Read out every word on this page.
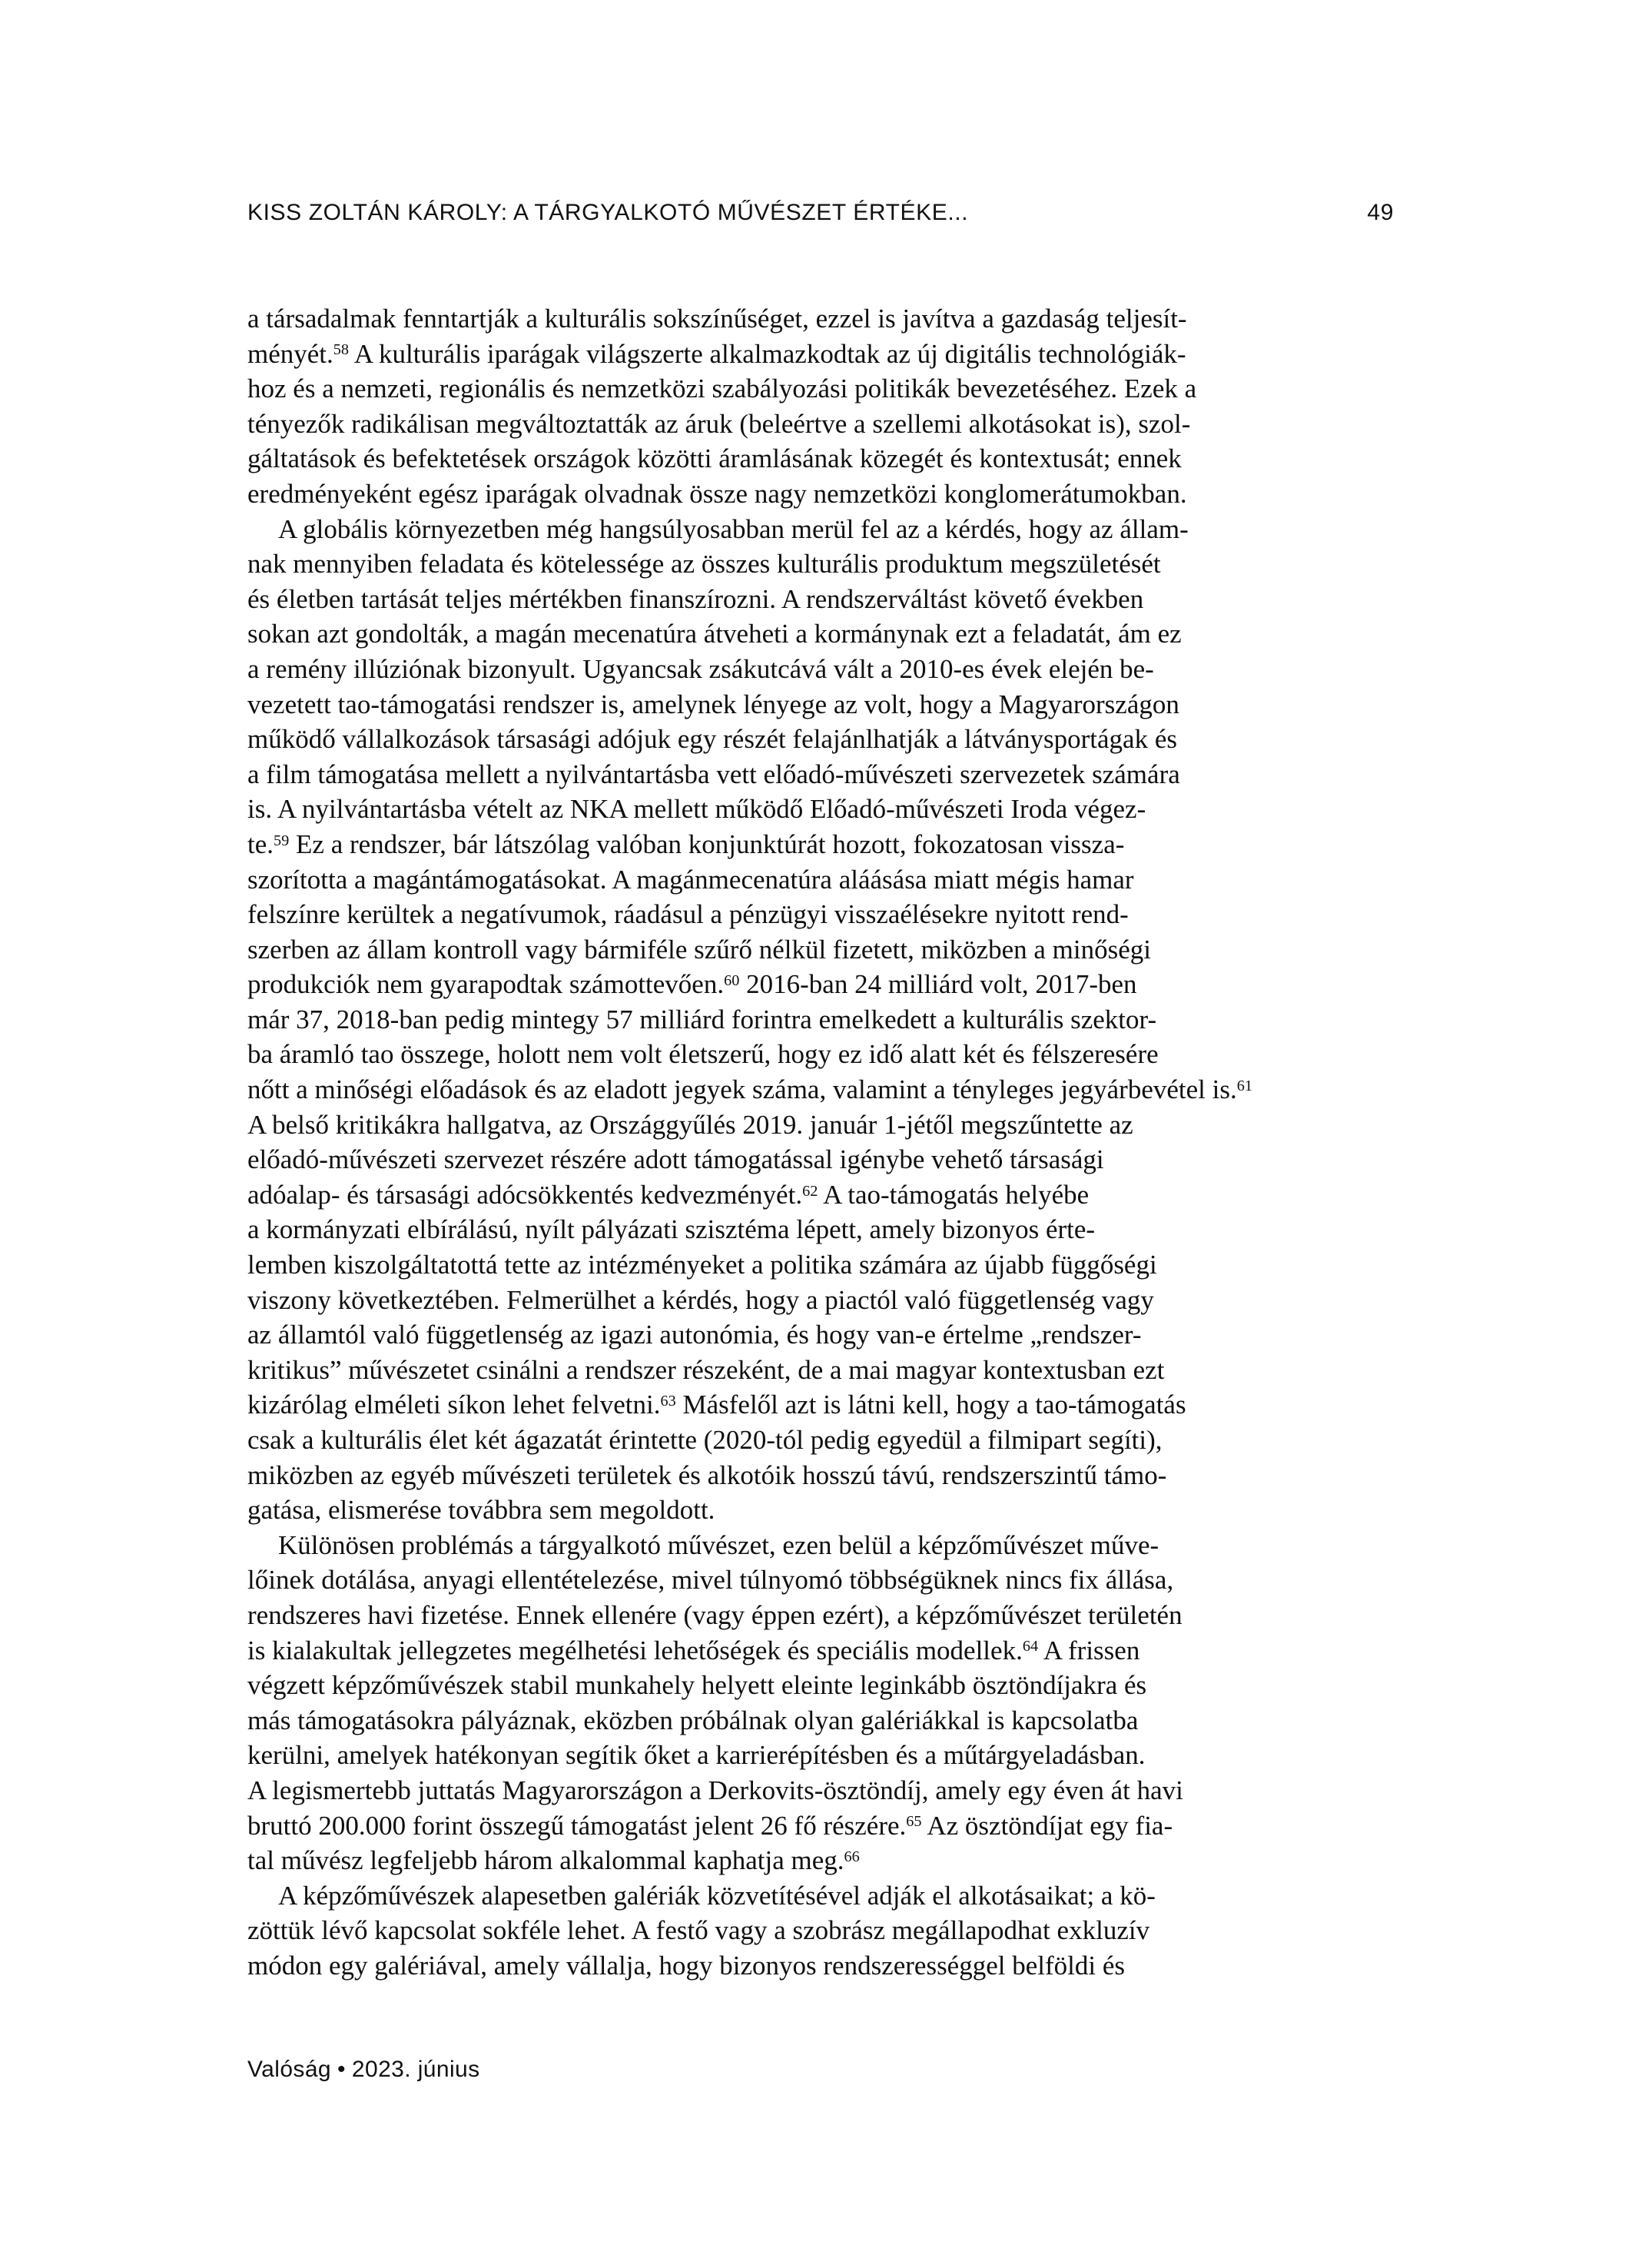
KISS ZOLTÁN KÁROLY: A TÁRGYALKOTÓ MŰVÉSZET ÉRTÉKE...	49
a társadalmak fenntartják a kulturális sokszínűséget, ezzel is javítva a gazdaság teljesít-
ményét.$^{58}$ A kulturális iparágak világszerte alkalmazkodtak az új digitális technológiák-
hoz és a nemzeti, regionális és nemzetközi szabályozási politikák bevezetéséhez. Ezek a
tényezők radikálisan megváltoztatták az áruk (beleértve a szellemi alkotásokat is), szol-
gáltatások és befektetések országok közötti áramlásának közegét és kontextusát; ennek
eredményeként egész iparágak olvadnak össze nagy nemzetközi konglomerátumokban.
A globális környezetben még hangsúlyosabban merül fel az a kérdés, hogy az állam-
nak mennyiben feladata és kötelessége az összes kulturális produktum megszületését
és életben tartását teljes mértékben finanszírozni. A rendszerváltást követő években
sokan azt gondolták, a magán mecenatúra átveheti a kormánynak ezt a feladatát, ám ez
a remény illúziónak bizonyult. Ugyancsak zsákutcává vált a 2010-es évek elején be-
vezetett tao-támogatási rendszer is, amelynek lényege az volt, hogy a Magyarországon
működő vállalkozások társasági adójuk egy részét felajánlhatják a látványsportágak és
a film támogatása mellett a nyilvántartásba vett előadó-művészeti szervezetek számára
is. A nyilvántartásba vételt az NKA mellett működő Előadó-művészeti Iroda végez-
te.$^{59}$ Ez a rendszer, bár látszólag valóban konjunktúrát hozott, fokozatosan vissza-
szorította a magántámogatásokat. A magánmecenatúra aláásása miatt mégis hamar
felszínre kerültek a negatívumok, ráadásul a pénzügyi visszaélésekre nyitott rend-
szerben az állam kontroll vagy bármiféle szűrő nélkül fizetett, miközben a minőségi
produkciók nem gyarapodtak számottevően.$^{60}$ 2016-ban 24 milliárd volt, 2017-ben
már 37, 2018-ban pedig mintegy 57 milliárd forintra emelkedett a kulturális szektor-
ba áramló tao összege, holott nem volt életszerű, hogy ez idő alatt két és félszeresére
nőtt a minőségi előadások és az eladott jegyek száma, valamint a tényleges jegyárbevétel is.$^{61}$
A belső kritikákra hallgatva, az Országgyűlés 2019. január 1-jétől megszűntette az
előadó-művészeti szervezet részére adott támogatással igénybe vehető társasági
adóalap- és társasági adócsökkentés kedvezményét.$^{62}$ A tao-támogatás helyébe
a kormányzati elbírálású, nyílt pályázati szisztéma lépett, amely bizonyos érte-
lemben kiszolgáltatottá tette az intézményeket a politika számára az újabb függőségi
viszony következtében. Felmerülhet a kérdés, hogy a piactól való függetlenség vagy
az államtól való függetlenség az igazi autonómia, és hogy van-e értelme „rendszer-
kritikus” művészetet csinálni a rendszer részeként, de a mai magyar kontextusban ezt
kizárólag elméleti síkon lehet felvetni.$^{63}$ Másfelől azt is látni kell, hogy a tao-támogatás
csak a kulturális élet két ágazatát érintette (2020-tól pedig egyedül a filmipart segíti),
miközben az egyéb művészeti területek és alkotóik hosszú távú, rendszerszintű támo-
gatása, elismerése továbbra sem megoldott.
Különösen problémás a tárgyalkotó művészet, ezen belül a képzőművészet műve-
lőinek dotálása, anyagi ellentételezése, mivel túlnyomó többségüknek nincs fix állása,
rendszeres havi fizetése. Ennek ellenére (vagy éppen ezért), a képzőművészet területén
is kialakultak jellegzetes megélhetési lehetőségek és speciális modellek.$^{64}$ A frissen
végzett képzőművészek stabil munkahely helyett eleinte leginkább ösztöndíjakra és
más támogatásokra pályáznak, eközben próbálnak olyan galériákkal is kapcsolatba
kerülni, amelyek hatékonyan segítik őket a karrierépítésben és a műtárgyeladásban.
A legismertebb juttatás Magyarországon a Derkovits-ösztöndíj, amely egy éven át havi
bruttó 200.000 forint összegű támogatást jelent 26 fő részére.$^{65}$ Az ösztöndíjat egy fia-
tal művész legfeljebb három alkalommal kaphatja meg.$^{66}$
A képzőművészek alapesetben galériák közvetítésével adják el alkotásaikat; a kö-
zöttük lévő kapcsolat sokféle lehet. A festő vagy a szobrász megállapodhat exkluzív
módon egy galériával, amely vállalja, hogy bizonyos rendszerességgel belföldi és
Valóság • 2023. június
